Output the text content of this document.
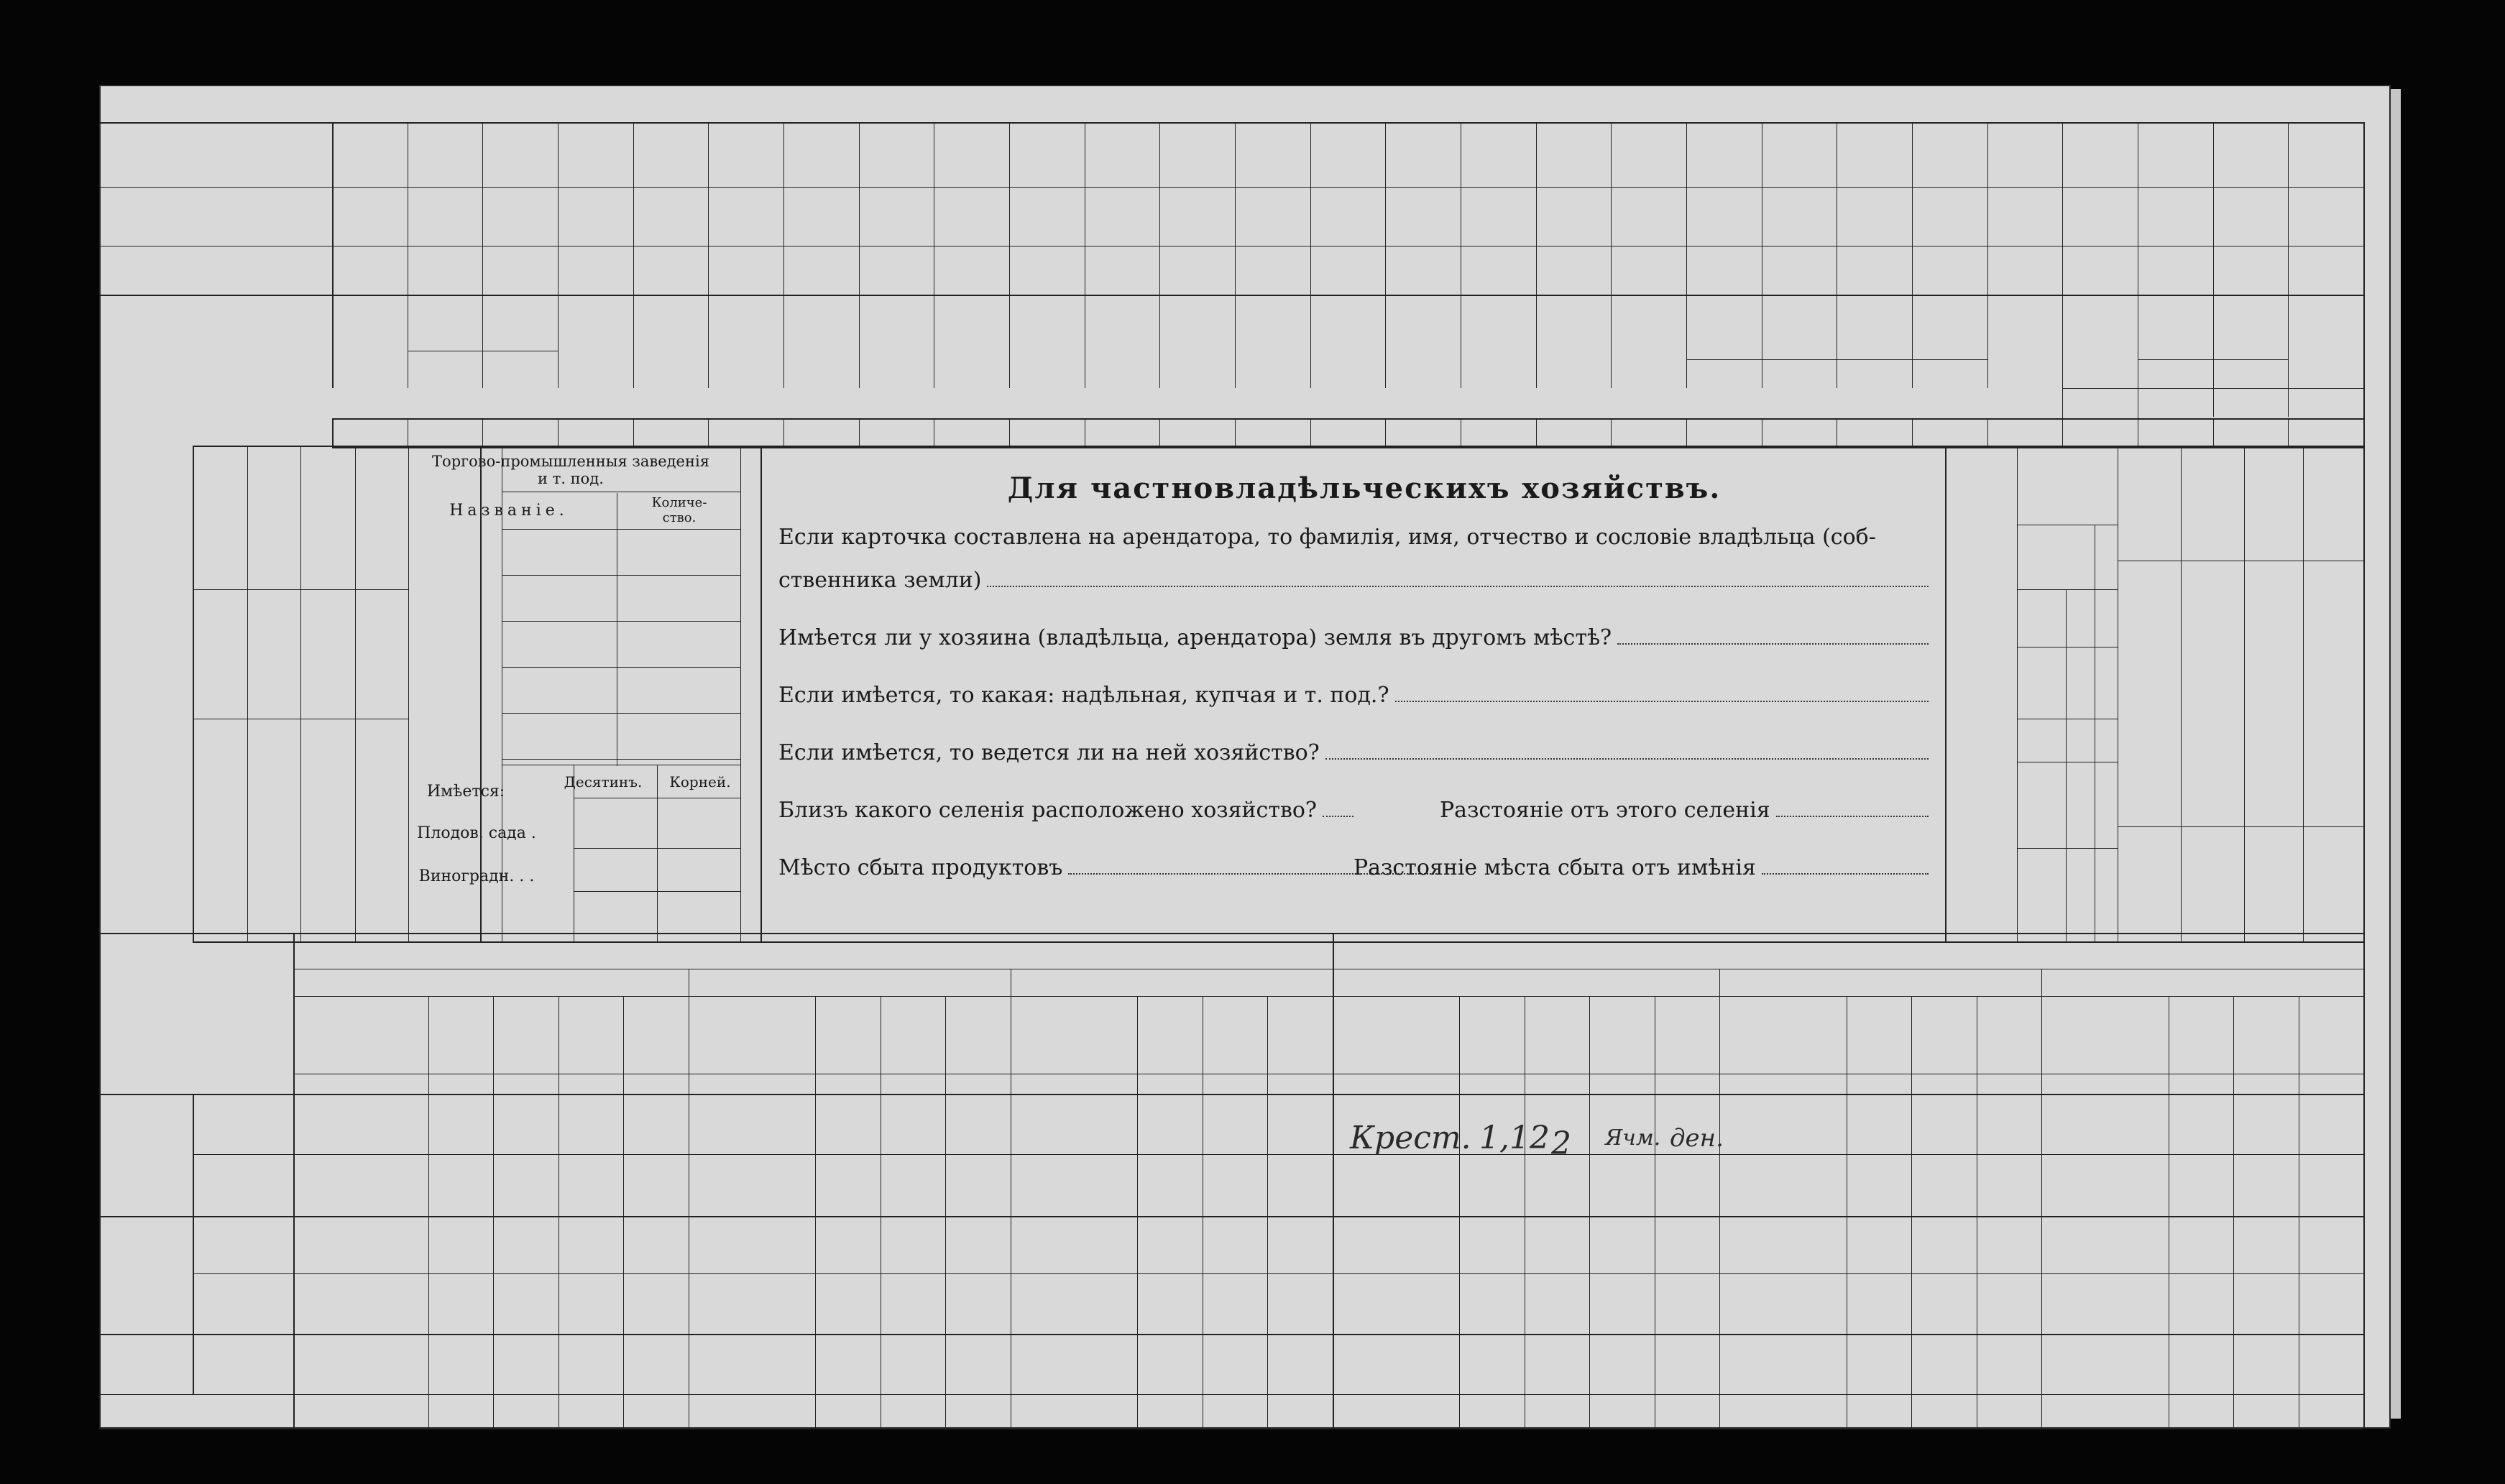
Торгово-промышленныя заведенiя
и т. под.
Названiе.	Количе-
ство.
Имѣется:
Десятинъ.	Корней.
Плодов. сада .
Виноградн. . .
Для частновладѣльческихъ хозяйствъ.
Если карточка составлена на арендатора, то фамилiя, имя, отчество и сословiе владѣльца (соб-
ственника земли)
Имѣется ли у хозяина (владѣльца, арендатора) земля въ другомъ мѣстѣ?
Если имѣется, то какая: надѣльная, купчая и т. под.?
Если имѣется, то ведется ли на ней хозяйство?
Близъ какого селенiя расположено хозяйство?	Разстоянiе отъ этого селенiя
Мѣсто сбыта продуктовъ	Разстоянiе мѣста сбыта отъ имѣнiя
Крест. 1,12 2 Ячм. ден.
